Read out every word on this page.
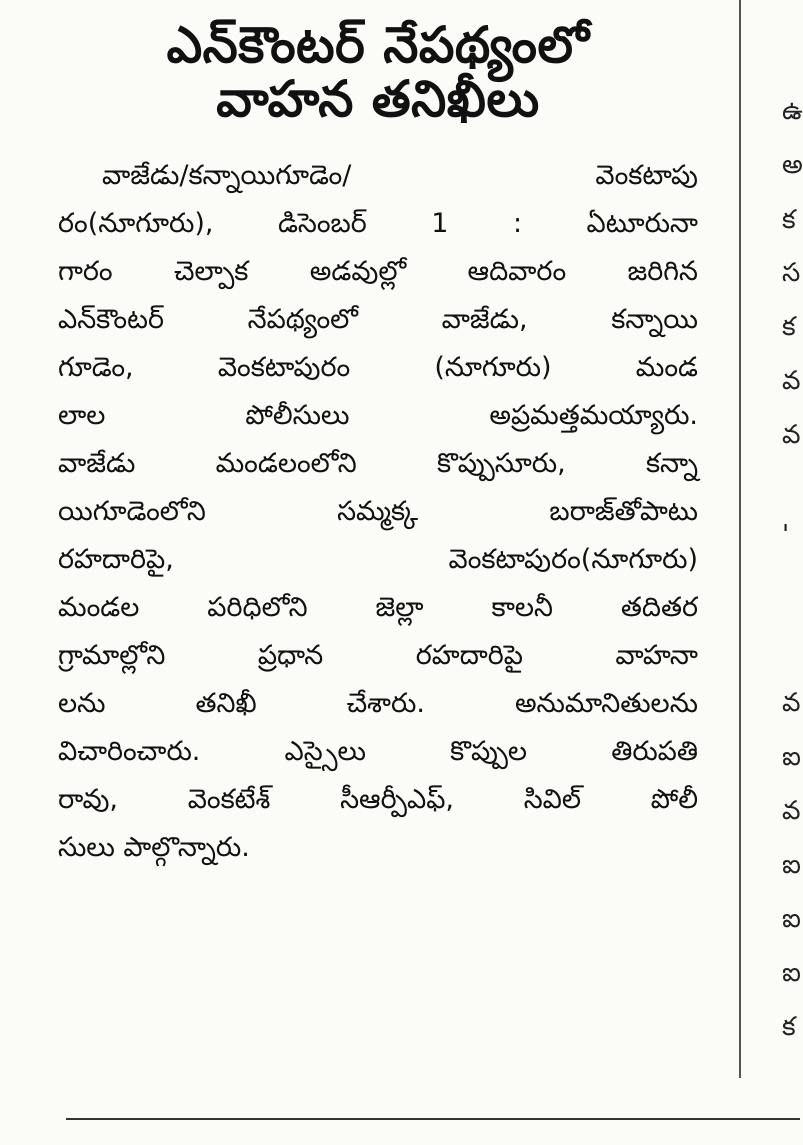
ఎన్‌కౌంటర్ నేపథ్యంలో
వాహన తనిఖీలు
వాజేడు/కన్నాయిగూడెం/ వెంకటాపు
రం(నూగూరు), డిసెంబర్ 1 : ఏటూరునా
గారం చెల్పాక అడవుల్లో ఆదివారం జరిగిన
ఎన్‌కౌంటర్ నేపథ్యంలో వాజేడు, కన్నాయి
గూడెం, వెంకటాపురం (నూగూరు) మండ
లాల పోలీసులు అప్రమత్తమయ్యారు.
వాజేడు మండలంలోని కొప్పుసూరు, కన్నా
యిగూడెంలోని సమ్మక్క బరాజ్‌తోపాటు
రహదారిపై, వెంకటాపురం(నూగూరు)
మండల పరిధిలోని జెల్లా కాలనీ తదితర
గ్రామాల్లోని ప్రధాన రహదారిపై వాహనా
లను తనిఖీ చేశారు. అనుమానితులను
విచారించారు. ఎస్సైలు కొప్పుల తిరుపతి
రావు, వెంకటేశ్ సీఆర్పీఎఫ్, సివిల్ పోలీ
సులు పాల్గొన్నారు.
ఉ
అ
క
స
క
వ
వ
'
వ
ఐ
వ
ఐ
ఐ
ఐ
క
